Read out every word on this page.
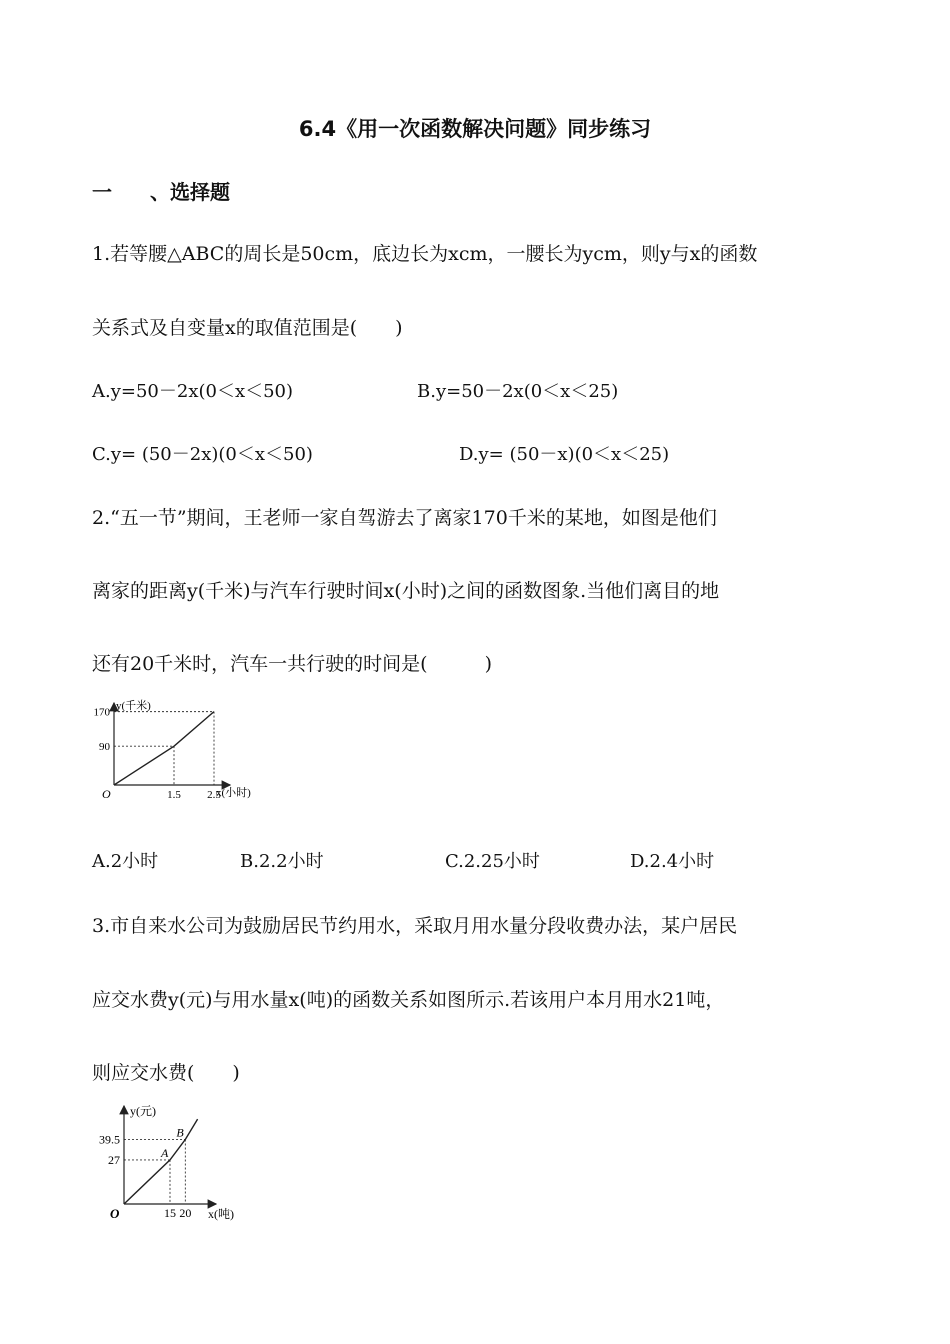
6.4《用一次函数解决问题》同步练习
一 、选择题
1.若等腰△ABC的周长是50cm，底边长为xcm，一腰长为ycm，则y与x的函数
关系式及自变量x的取值范围是(　　)
A.y=50－2x(0＜x＜50)	B.y=50－2x(0＜x＜25)
C.y= (50－2x)(0＜x＜50)	D.y= (50－x)(0＜x＜25)
2.“五一节”期间，王老师一家自驾游去了离家170千米的某地，如图是他们
离家的距离y(千米)与汽车行驶时间x(小时)之间的函数图象.当他们离目的地
还有20千米时，汽车一共行驶的时间是(　　　)
1.5
90
2.5
170
O
y(千米)
x(小时)
A.2小时	B.2.2小时	C.2.25小时	D.2.4小时
3.市自来水公司为鼓励居民节约用水，采取月用水量分段收费办法，某户居民
应交水费y(元)与用水量x(吨)的函数关系如图所示.若该用户本月用水21吨，
则应交水费(　　)
15
27
20
39.5
A
B
O
y(元)
x(吨)
